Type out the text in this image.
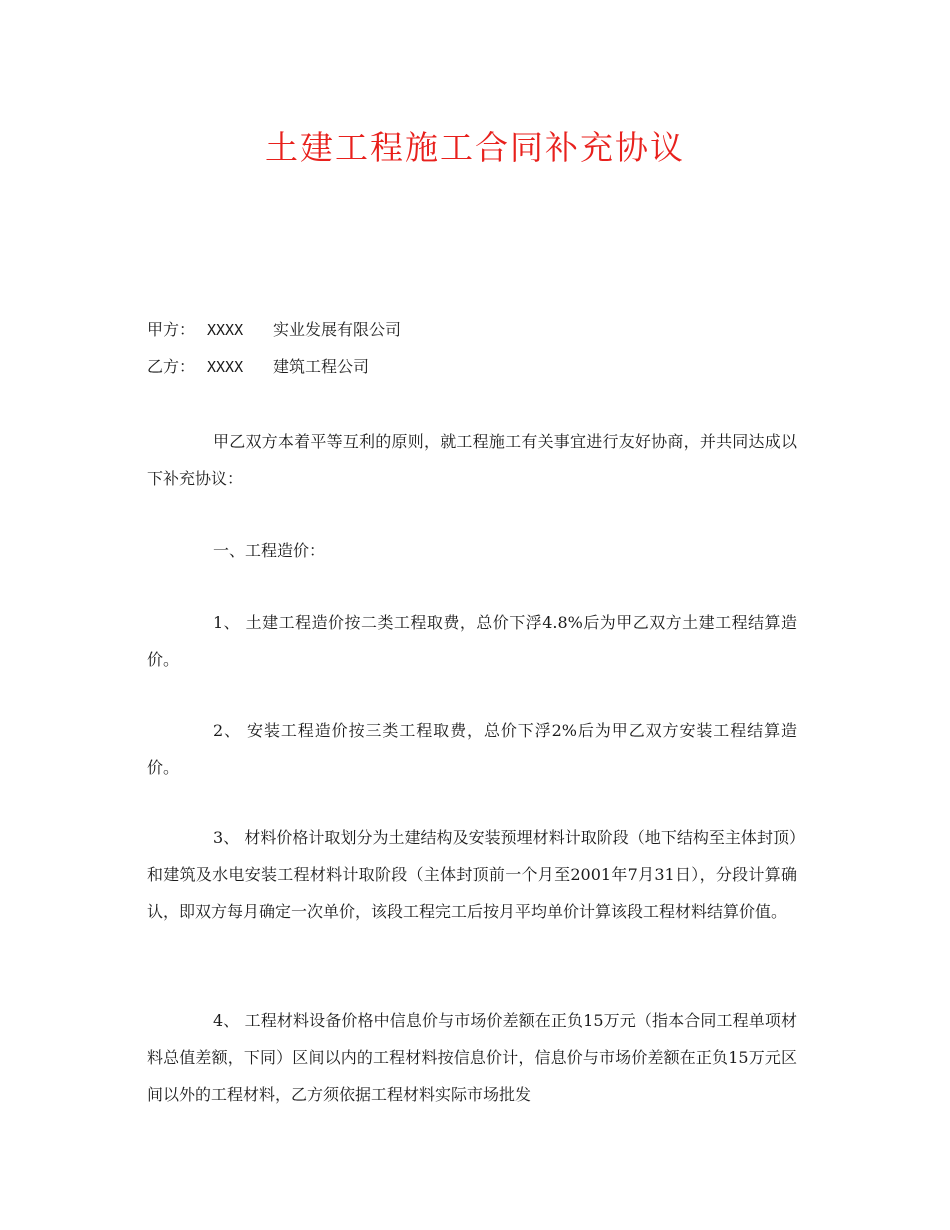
土建工程施工合同补充协议
甲方： XXXX 实业发展有限公司
乙方： XXXX 建筑工程公司
甲乙双方本着平等互利的原则，就工程施工有关事宜进行友好协商，并共同达成以下补充协议：
一、工程造价：
1、 土建工程造价按二类工程取费，总价下浮4.8%后为甲乙双方土建工程结算造价。
2、 安装工程造价按三类工程取费，总价下浮2%后为甲乙双方安装工程结算造价。
3、 材料价格计取划分为土建结构及安装预埋材料计取阶段（地下结构至主体封顶）和建筑及水电安装工程材料计取阶段（主体封顶前一个月至2001年7月31日），分段计算确认，即双方每月确定一次单价，该段工程完工后按月平均单价计算该段工程材料结算价值。
4、 工程材料设备价格中信息价与市场价差额在正负15万元（指本合同工程单项材料总值差额，下同）区间以内的工程材料按信息价计，信息价与市场价差额在正负15万元区间以外的工程材料，乙方须依据工程材料实际市场批发
